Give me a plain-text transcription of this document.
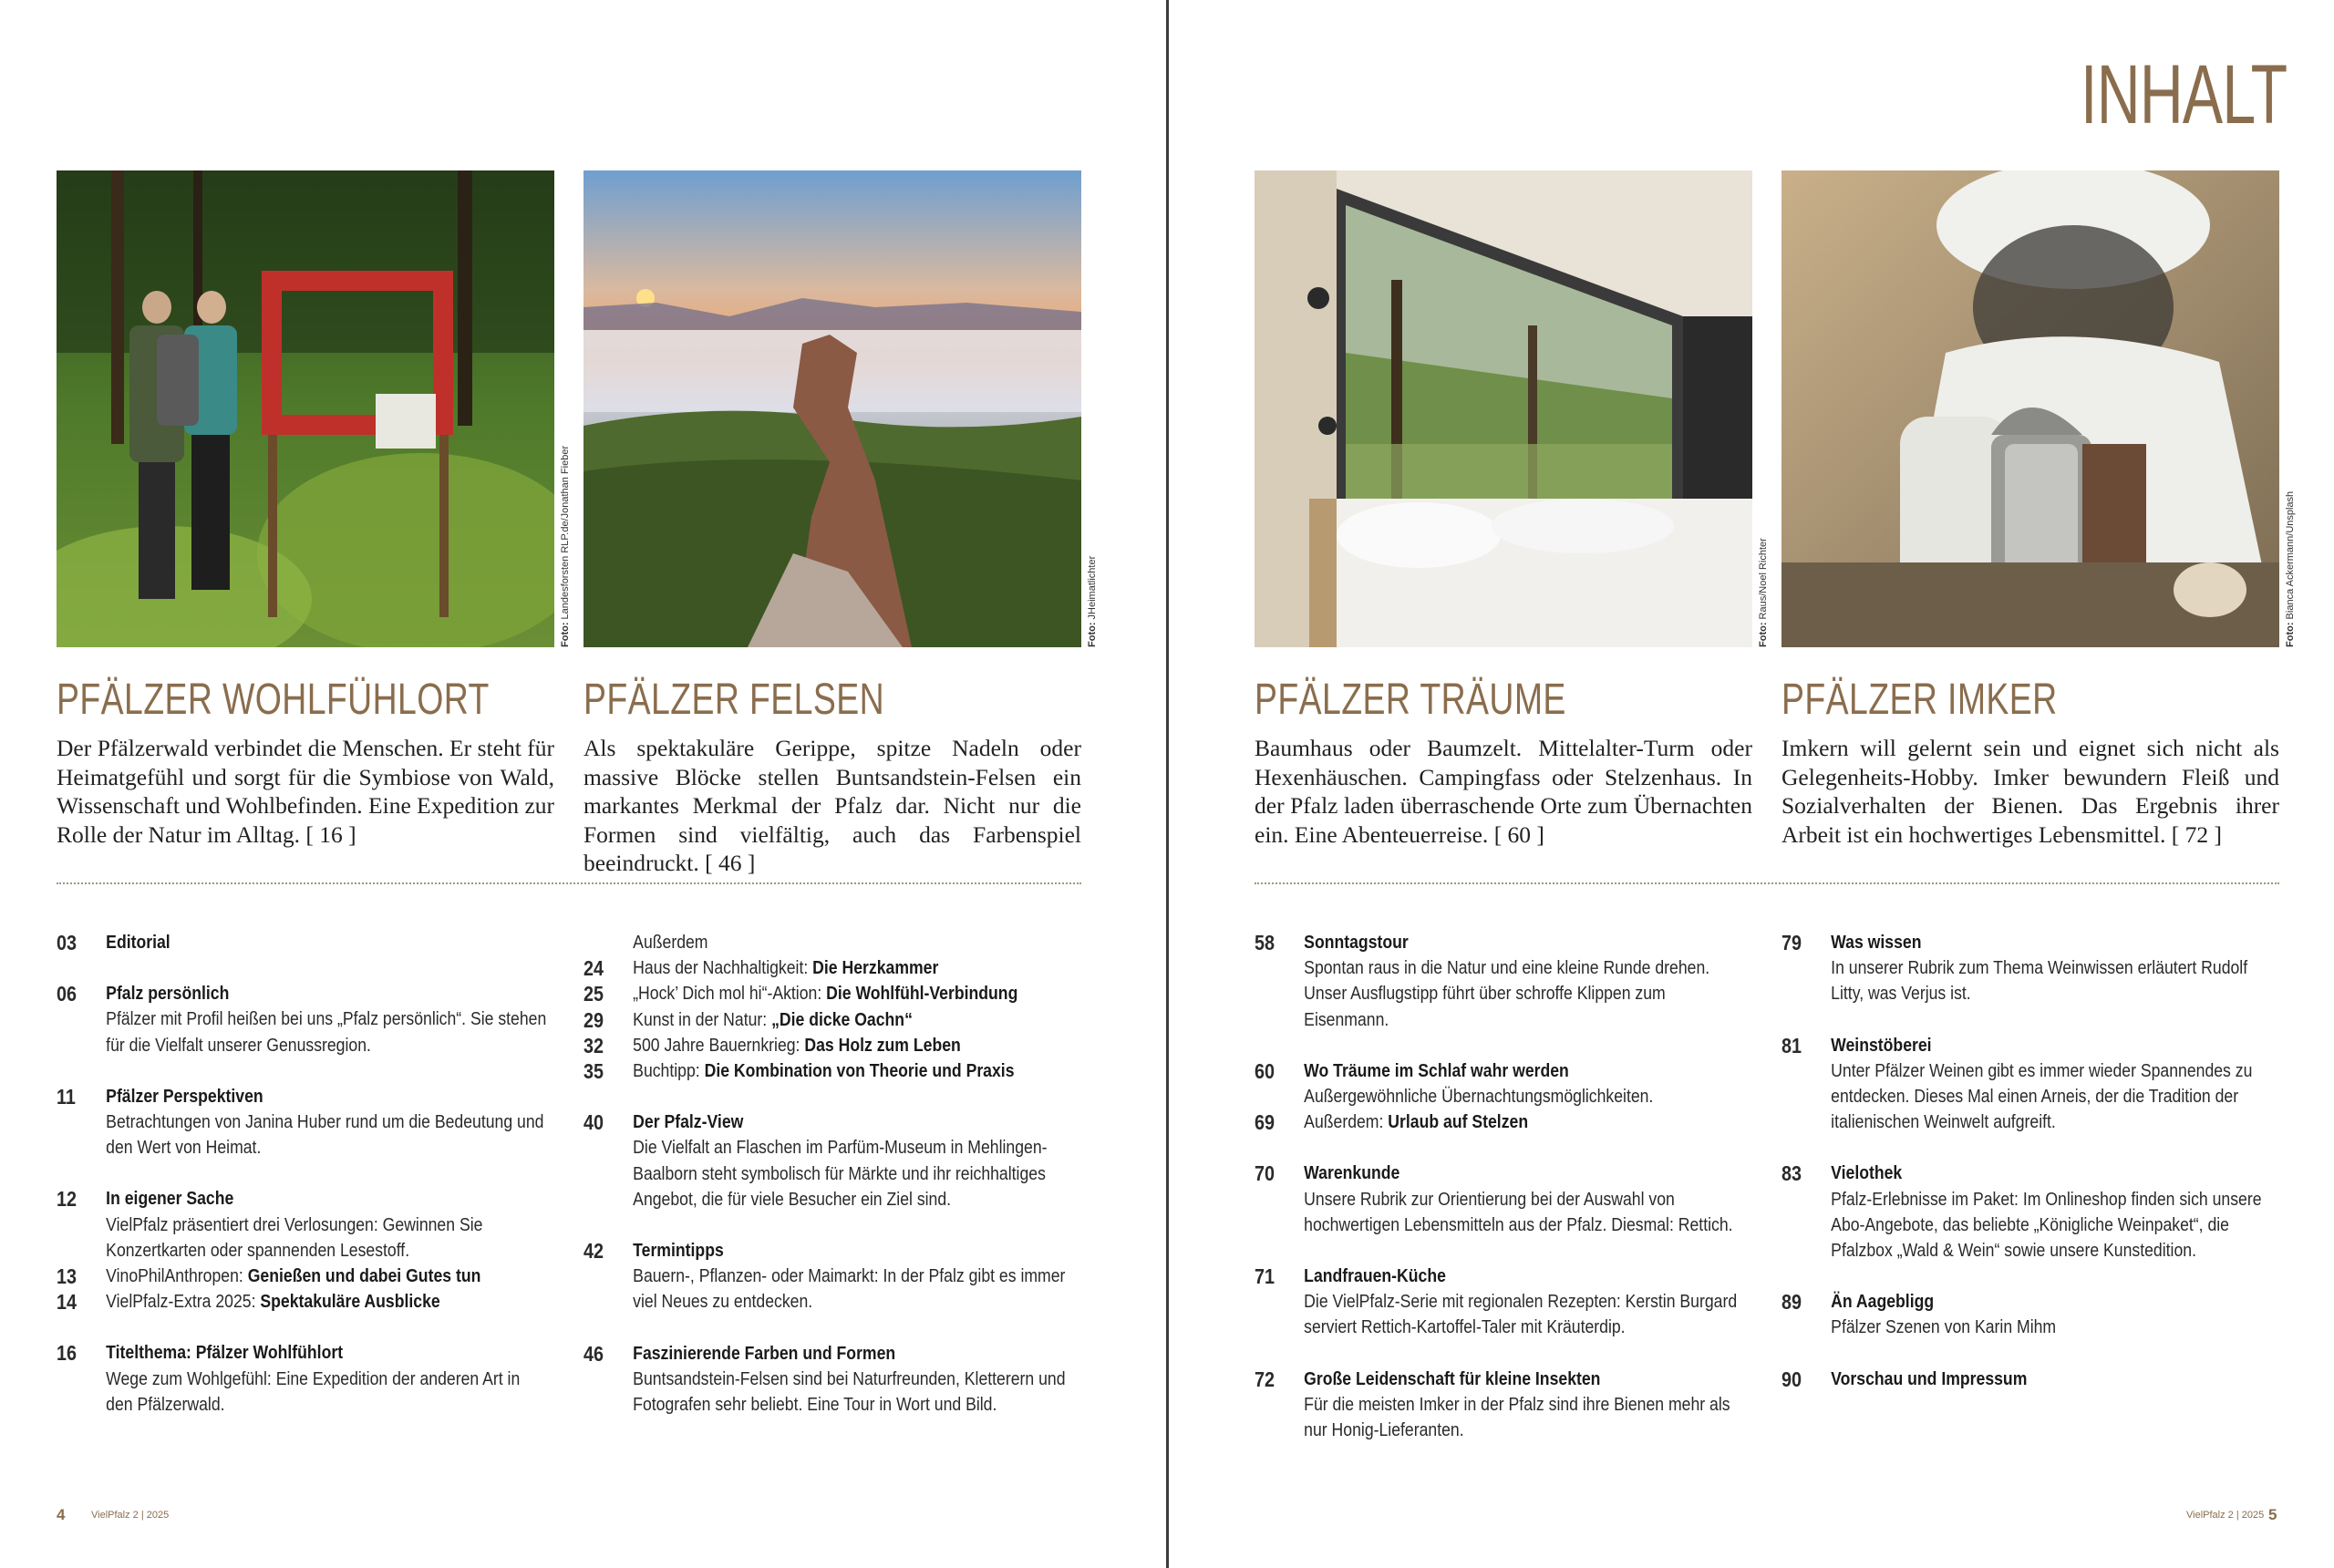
Foto: Landesforsten RLP.de/Jonathan Fieber
Foto: JHeimatlichter
PFÄLZER WOHLFÜHLORT
Der Pfälzerwald verbindet die Menschen. Er steht für Heimatgefühl und sorgt für die Symbiose von Wald, Wissenschaft und Wohlbefinden. Eine Expedition zur Rolle der Natur im Alltag. [ 16 ]
PFÄLZER FELSEN
Als spektakuläre Gerippe, spitze Nadeln oder massive Blöcke stellen Buntsandstein-Felsen ein markantes Merkmal der Pfalz dar. Nicht nur die Formen sind vielfältig, auch das Farbenspiel beeindruckt. [ 46 ]
03	Editorial
06	Pfalz persönlich
Pfälzer mit Profil heißen bei uns „Pfalz persönlich“. Sie stehen für die Vielfalt unserer Genussregion.
11	Pfälzer Perspektiven
Betrachtungen von Janina Huber rund um die Bedeutung und den Wert von Heimat.
12	In eigener Sache
VielPfalz präsentiert drei Verlosungen: Gewinnen Sie Konzertkarten oder spannenden Lesestoff.
13	VinoPhilAnthropen: Genießen und dabei Gutes tun
14	VielPfalz-Extra 2025: Spektakuläre Ausblicke
16	Titelthema: Pfälzer Wohlfühlort
Wege zum Wohlgefühl: Eine Expedition der anderen Art in den Pfälzerwald.
Außerdem
24	Haus der Nachhaltigkeit: Die Herzkammer
25	„Hock’ Dich mol hi“-Aktion: Die Wohlfühl-Verbindung
29	Kunst in der Natur: „Die dicke Oachn“
32	500 Jahre Bauernkrieg: Das Holz zum Leben
35	Buchtipp: Die Kombination von Theorie und Praxis
40	Der Pfalz-View
Die Vielfalt an Flaschen im Parfüm-Museum in Mehlingen-Baalborn steht symbolisch für Märkte und ihr reichhaltiges Angebot, die für viele Besucher ein Ziel sind.
42	Termintipps
Bauern-, Pflanzen- oder Maimarkt: In der Pfalz gibt es immer viel Neues zu entdecken.
46	Faszinierende Farben und Formen
Buntsandstein-Felsen sind bei Naturfreunden, Kletterern und Fotografen sehr beliebt. Eine Tour in Wort und Bild.
4	VielPfalz 2 | 2025
INHALT
Foto: Raus/Noel Richter
Foto: Bianca Ackermann/Unsplash
PFÄLZER TRÄUME
Baumhaus oder Baumzelt. Mittelalter-Turm oder Hexenhäuschen. Campingfass oder Stelzenhaus. In der Pfalz laden überraschende Orte zum Übernachten ein. Eine Abenteuerreise. [ 60 ]
PFÄLZER IMKER
Imkern will gelernt sein und eignet sich nicht als Gelegenheits-Hobby. Imker bewundern Fleiß und Sozialverhalten der Bienen. Das Ergebnis ihrer Arbeit ist ein hochwertiges Lebensmittel. [ 72 ]
58	Sonntagstour
Spontan raus in die Natur und eine kleine Runde drehen. Unser Ausflugstipp führt über schroffe Klippen zum Eisenmann.
60	Wo Träume im Schlaf wahr werden
Außergewöhnliche Übernachtungsmöglichkeiten.
69	Außerdem: Urlaub auf Stelzen
70	Warenkunde
Unsere Rubrik zur Orientierung bei der Auswahl von hochwertigen Lebensmitteln aus der Pfalz. Diesmal: Rettich.
71	Landfrauen-Küche
Die VielPfalz-Serie mit regionalen Rezepten: Kerstin Burgard serviert Rettich-Kartoffel-Taler mit Kräuterdip.
72	Große Leidenschaft für kleine Insekten
Für die meisten Imker in der Pfalz sind ihre Bienen mehr als nur Honig-Lieferanten.
79	Was wissen
In unserer Rubrik zum Thema Weinwissen erläutert Rudolf Litty, was Verjus ist.
81	Weinstöberei
Unter Pfälzer Weinen gibt es immer wieder Spannendes zu entdecken. Dieses Mal einen Arneis, der die Tradition der italienischen Weinwelt aufgreift.
83	Vielothek
Pfalz-Erlebnisse im Paket: Im Onlineshop finden sich unsere Abo-Angebote, das beliebte „Königliche Weinpaket“, die Pfalzbox „Wald & Wein“ sowie unsere Kunstedition.
89	Än Aagebligg
Pfälzer Szenen von Karin Mihm
90	Vorschau und Impressum
VielPfalz 2 | 2025 5
